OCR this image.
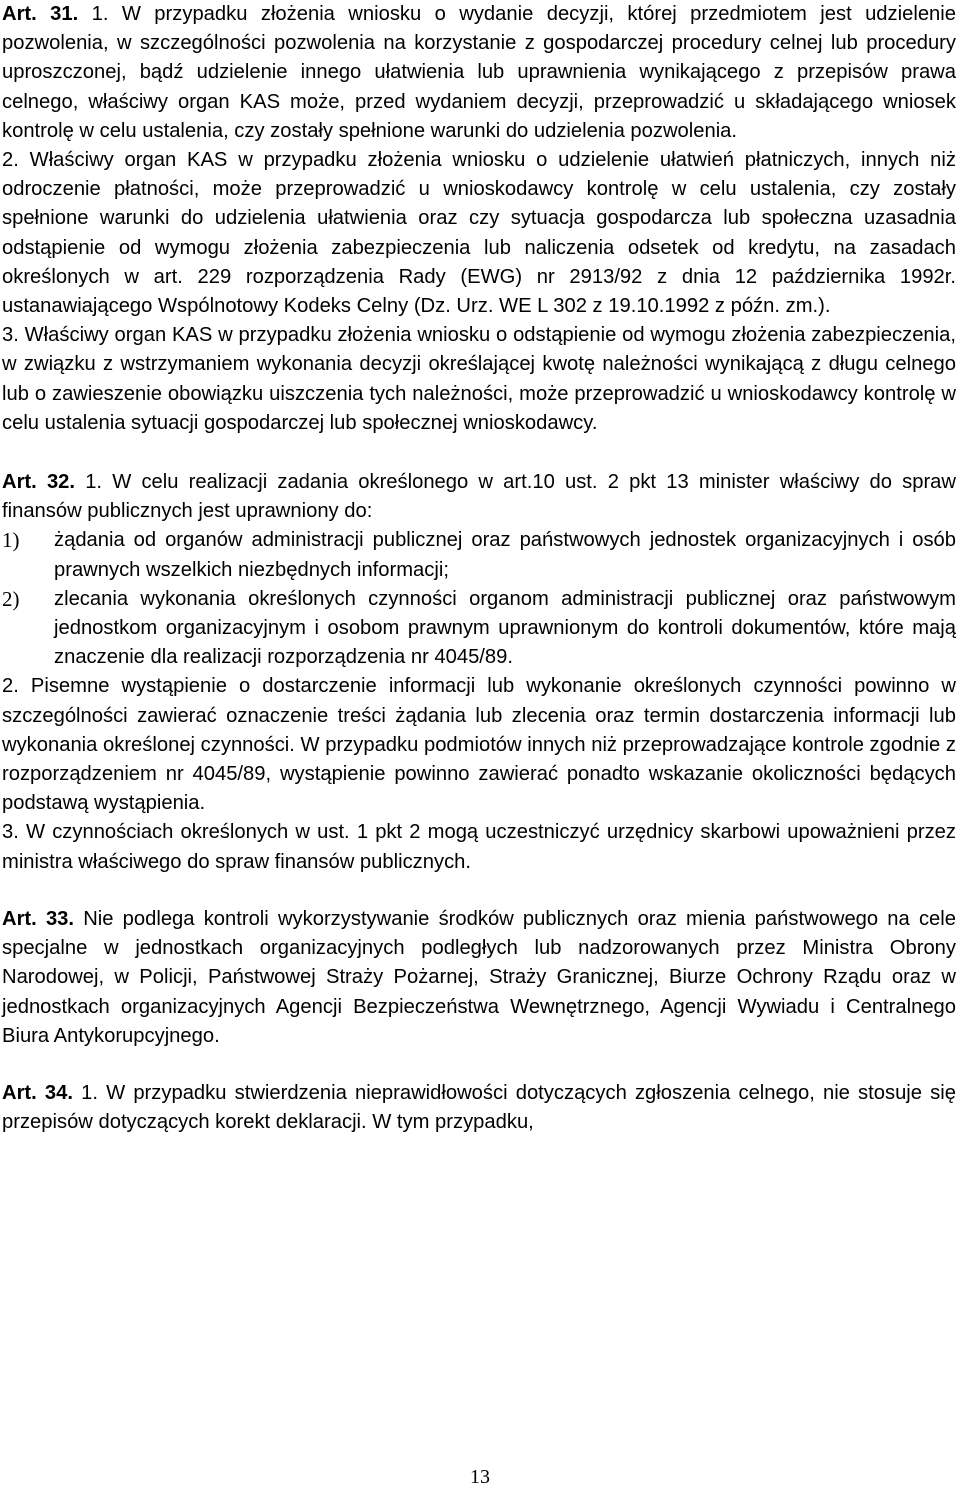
Art. 31. 1. W przypadku złożenia wniosku o wydanie decyzji, której przedmiotem jest udzielenie pozwolenia, w szczególności pozwolenia na korzystanie z gospodarczej procedury celnej lub procedury uproszczonej, bądź udzielenie innego ułatwienia lub uprawnienia wynikającego z przepisów prawa celnego, właściwy organ KAS może, przed wydaniem decyzji, przeprowadzić u składającego wniosek kontrolę w celu ustalenia, czy zostały spełnione warunki do udzielenia pozwolenia.

2. Właściwy organ KAS w przypadku złożenia wniosku o udzielenie ułatwień płatniczych, innych niż odroczenie płatności, może przeprowadzić u wnioskodawcy kontrolę w celu ustalenia, czy zostały spełnione warunki do udzielenia ułatwienia oraz czy sytuacja gospodarcza lub społeczna uzasadnia odstąpienie od wymogu złożenia zabezpieczenia lub naliczenia odsetek od kredytu, na zasadach określonych w art. 229 rozporządzenia Rady (EWG) nr 2913/92 z dnia 12 października 1992r. ustanawiającego Wspólnotowy Kodeks Celny (Dz. Urz. WE L 302 z 19.10.1992 z późn. zm.).

3. Właściwy organ KAS w przypadku złożenia wniosku o odstąpienie od wymogu złożenia zabezpieczenia, w związku z wstrzymaniem wykonania decyzji określającej kwotę należności wynikającą z długu celnego lub o zawieszenie obowiązku uiszczenia tych należności, może przeprowadzić u wnioskodawcy kontrolę w celu ustalenia sytuacji gospodarczej lub społecznej wnioskodawcy.

Art. 32. 1. W celu realizacji zadania określonego w art.10 ust. 2 pkt 13 minister właściwy do spraw finansów publicznych jest uprawniony do:

1)	żądania od organów administracji publicznej oraz państwowych jednostek organizacyjnych i osób prawnych wszelkich niezbędnych informacji;
2)	zlecania wykonania określonych czynności organom administracji publicznej oraz państwowym jednostkom organizacyjnym i osobom prawnym uprawnionym do kontroli dokumentów, które mają znaczenie dla realizacji rozporządzenia nr 4045/89.

2. Pisemne wystąpienie o dostarczenie informacji lub wykonanie określonych czynności powinno w szczególności zawierać oznaczenie treści żądania lub zlecenia oraz termin dostarczenia informacji lub wykonania określonej czynności. W przypadku podmiotów innych niż przeprowadzające kontrole zgodnie z rozporządzeniem nr 4045/89, wystąpienie powinno zawierać ponadto wskazanie okoliczności będących podstawą wystąpienia.

3. W czynnościach określonych w ust. 1 pkt 2 mogą uczestniczyć urzędnicy skarbowi upoważnieni przez ministra właściwego do spraw finansów publicznych.

Art. 33. Nie podlega kontroli wykorzystywanie środków publicznych oraz mienia państwowego na cele specjalne w jednostkach organizacyjnych podległych lub nadzorowanych przez Ministra Obrony Narodowej, w Policji, Państwowej Straży Pożarnej, Straży Granicznej, Biurze Ochrony Rządu oraz w jednostkach organizacyjnych Agencji Bezpieczeństwa Wewnętrznego, Agencji Wywiadu i Centralnego Biura Antykorupcyjnego.

Art. 34. 1. W przypadku stwierdzenia nieprawidłowości dotyczących zgłoszenia celnego, nie stosuje się przepisów dotyczących korekt deklaracji. W tym przypadku,

13
